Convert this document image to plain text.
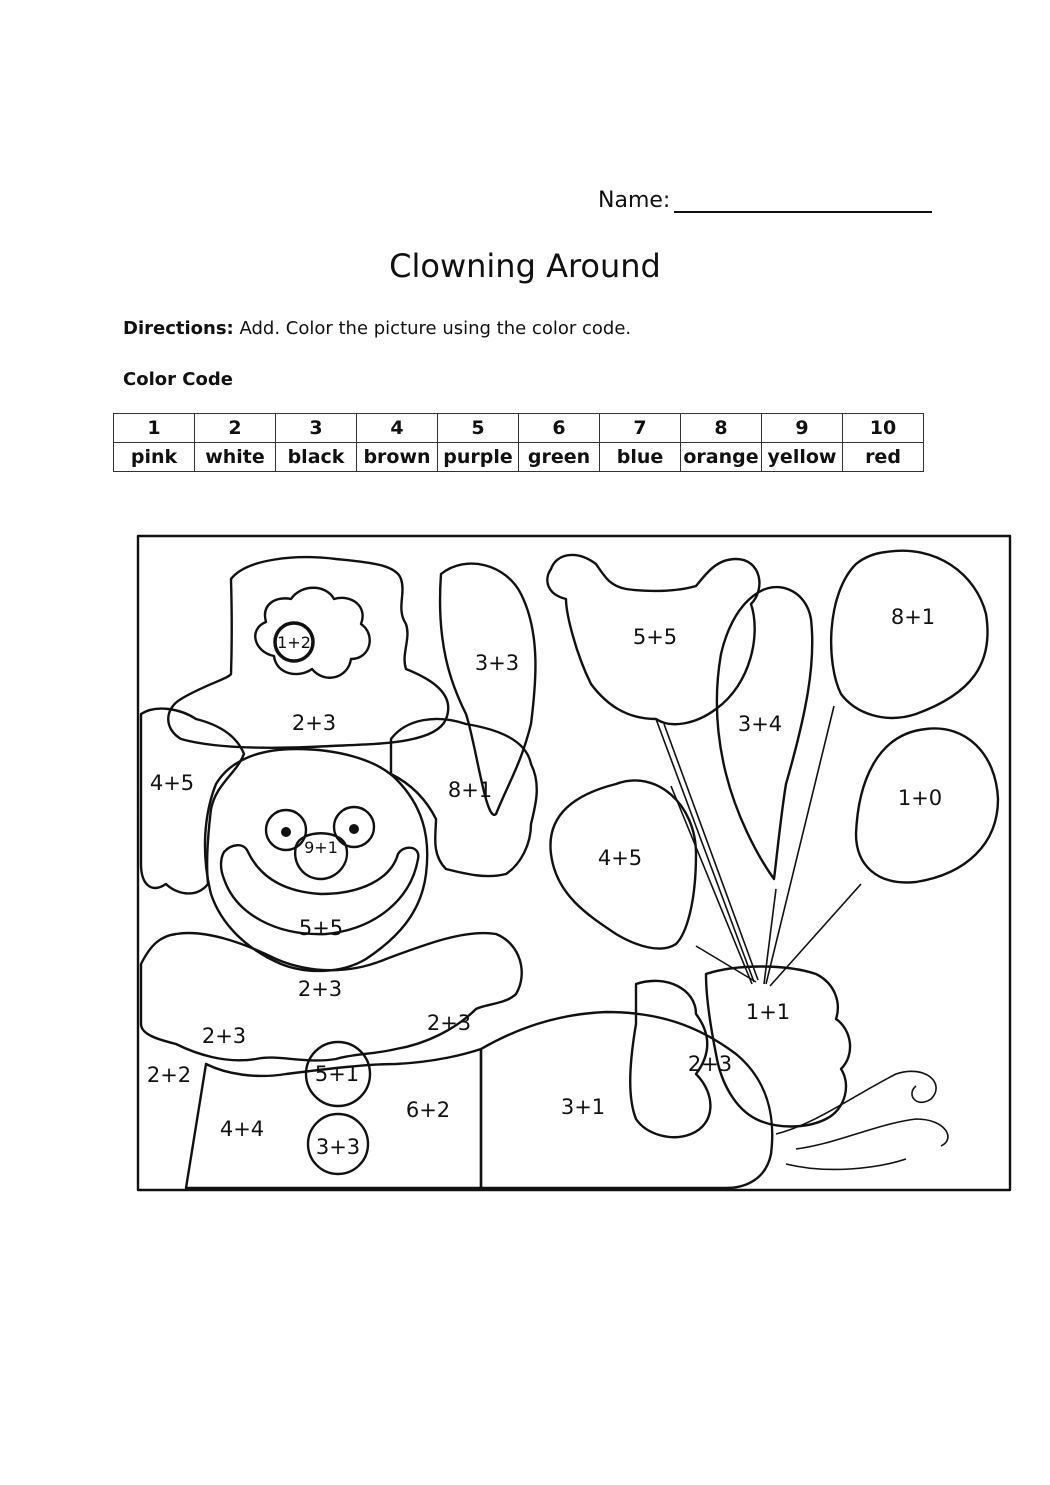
Name:
Clowning Around
Directions: Add. Color the picture using the color code.
Color Code
1	2	3	4	5	6	7	8	9	10
pink	white	black	brown	purple	green	blue	orange	yellow	red
1+2
2+3
4+5	8+1
9+1
5+5
2+3
2+3
2+3
2+2	5+1
3+3
4+4
6+2	3+1
2+3
1+1
3+3
5+5
3+4
8+1
1+0
4+5
